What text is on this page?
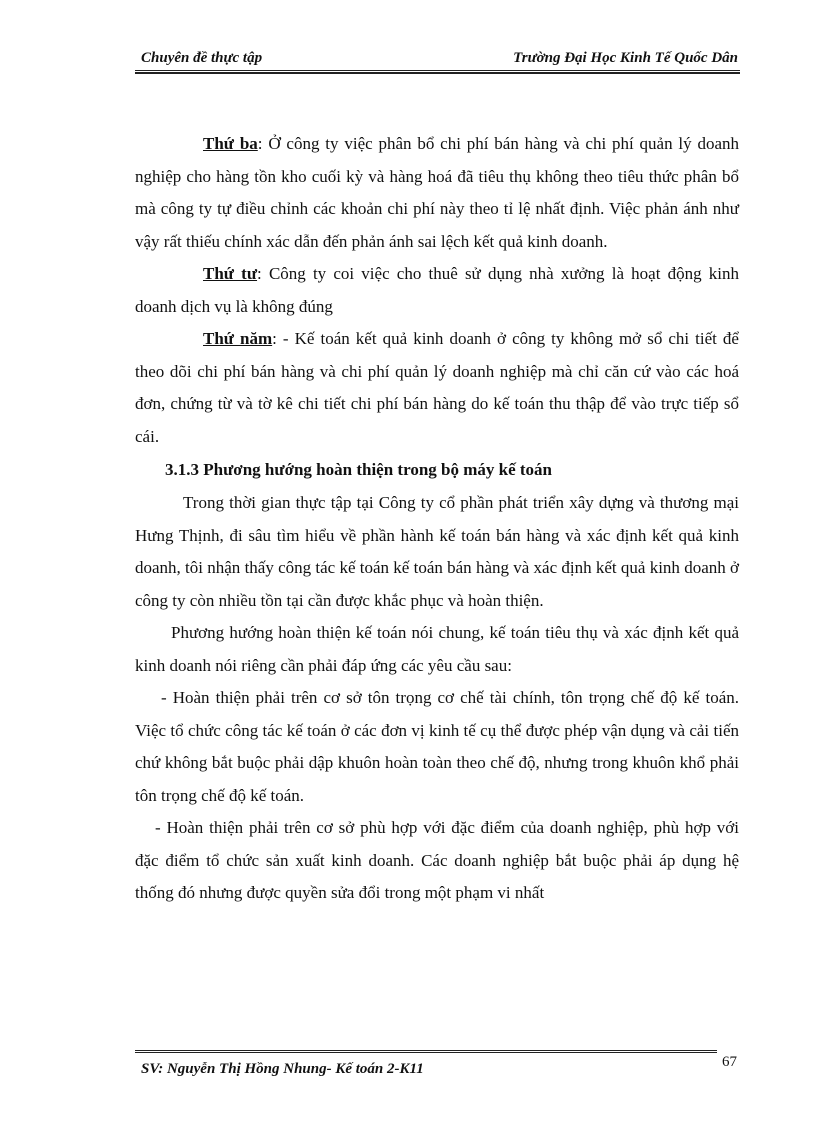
Chuyên đề thực tập	Trường Đại Học Kinh Tế Quốc Dân

Thứ ba: Ở công ty việc phân bổ chi phí bán hàng và chi phí quản lý doanh nghiệp cho hàng tồn kho cuối kỳ và hàng hoá đã tiêu thụ không theo tiêu thức phân bổ mà công ty tự điều chỉnh các khoản chi phí này theo tỉ lệ nhất định. Việc phản ánh như vậy rất thiếu chính xác dẫn đến phản ánh sai lệch kết quả kinh doanh.

Thứ tư: Công ty coi việc cho thuê sử dụng nhà xưởng là hoạt động kinh doanh dịch vụ là không đúng

Thứ năm: - Kế toán kết quả kinh doanh ở công ty không mở sổ chi tiết để theo dõi chi phí bán hàng và chi phí quản lý doanh nghiệp mà chỉ căn cứ vào các hoá đơn, chứng từ và tờ kê chi tiết chi phí bán hàng do kế toán thu thập để vào trực tiếp sổ cái.

3.1.3 Phương hướng hoàn thiện trong bộ máy kế toán

Trong thời gian thực tập tại Công ty cổ phần phát triển xây dựng và thương mại Hưng Thịnh, đi sâu tìm hiểu về phần hành kế toán bán hàng và xác định kết quả kinh doanh, tôi nhận thấy công tác kế toán kế toán bán hàng và xác định kết quả kinh doanh ở công ty còn nhiều tồn tại cần được khắc phục và hoàn thiện.

Phương hướng hoàn thiện kế toán nói chung, kế toán tiêu thụ và xác định kết quả kinh doanh nói riêng cần phải đáp ứng các yêu cầu sau:

- Hoàn thiện phải trên cơ sở tôn trọng cơ chế tài chính, tôn trọng chế độ kế toán. Việc tổ chức công tác kế toán ở các đơn vị kinh tế cụ thể được phép vận dụng và cải tiến chứ không bắt buộc phải dập khuôn hoàn toàn theo chế độ, nhưng trong khuôn khổ phải tôn trọng chế độ kế toán.

- Hoàn thiện phải trên cơ sở phù hợp với đặc điểm của doanh nghiệp, phù hợp với đặc điểm tổ chức sản xuất kinh doanh. Các doanh nghiệp bắt buộc phải áp dụng hệ thống đó nhưng được quyền sửa đổi trong một phạm vi nhất

SV: Nguyễn Thị Hồng Nhung- Kế toán 2-K11	67
